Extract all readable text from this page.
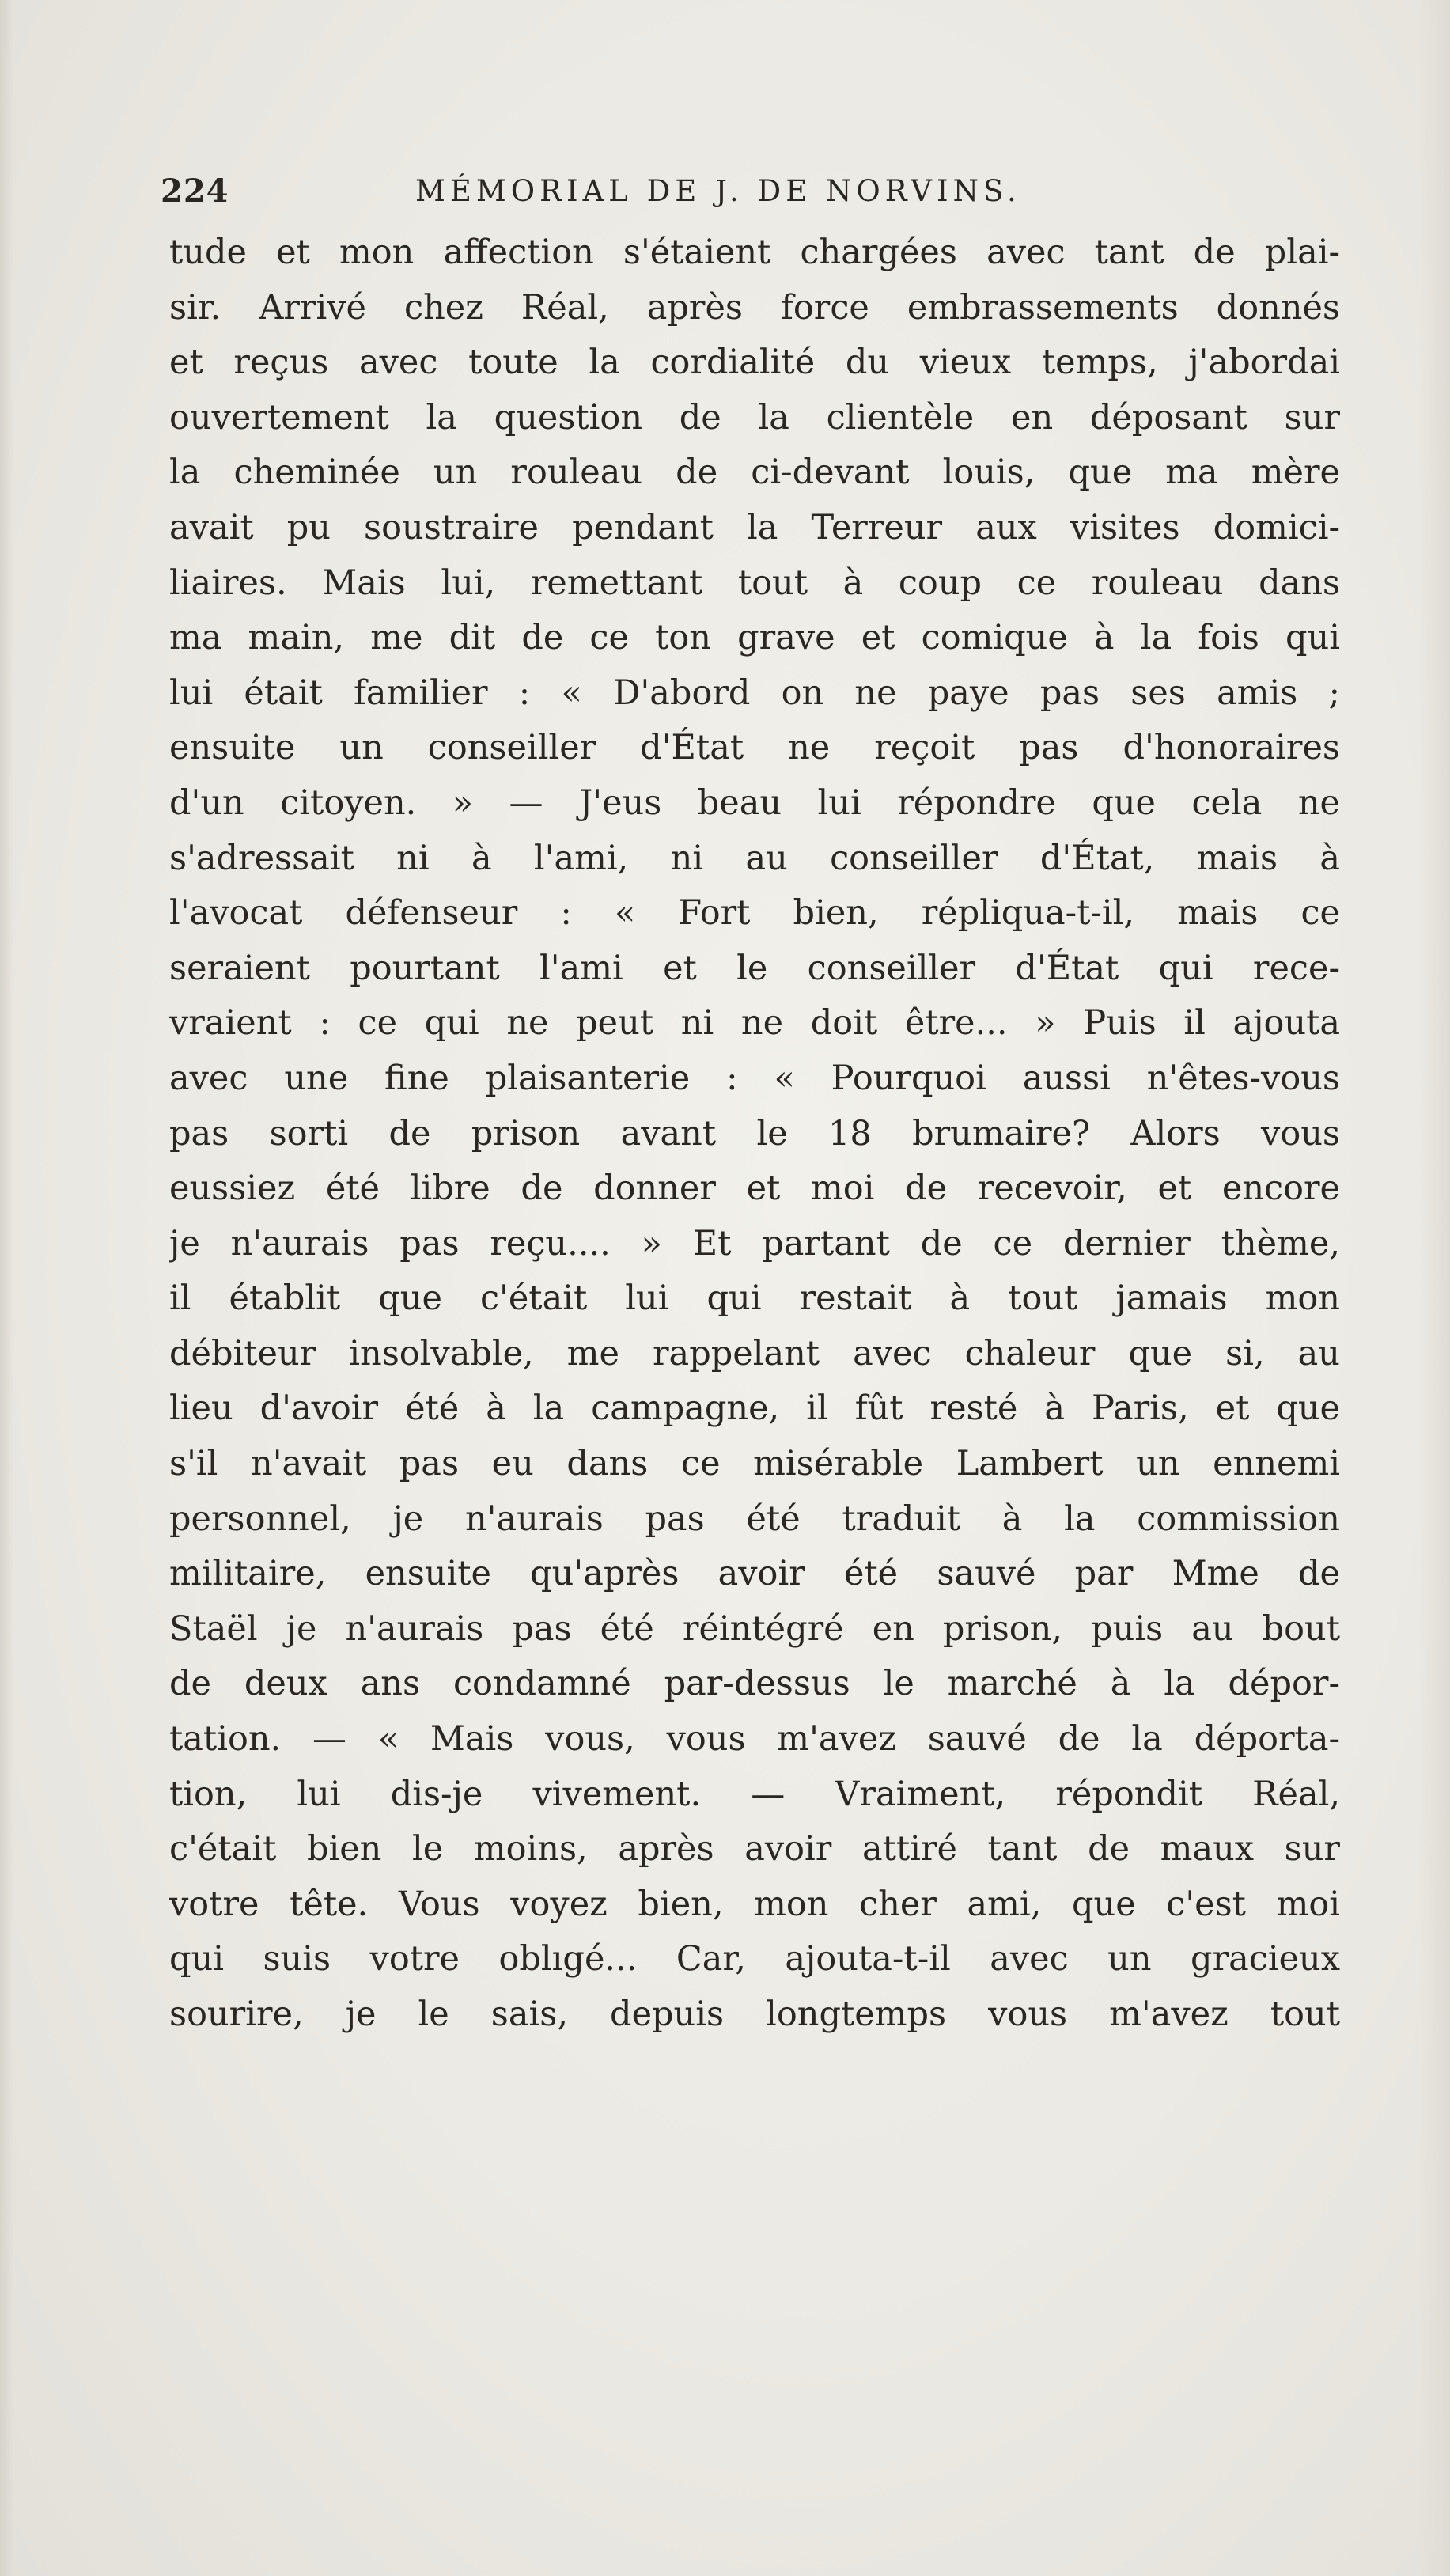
224	MÉMORIAL DE J. DE NORVINS.
tude et mon affection s'étaient chargées avec tant de plai-
sir. Arrivé chez Réal, après force embrassements donnés
et reçus avec toute la cordialité du vieux temps, j'abordai
ouvertement la question de la clientèle en déposant sur
la cheminée un rouleau de ci-devant louis, que ma mère
avait pu soustraire pendant la Terreur aux visites domici-
liaires. Mais lui, remettant tout à coup ce rouleau dans
ma main, me dit de ce ton grave et comique à la fois qui
lui était familier : « D'abord on ne paye pas ses amis ;
ensuite un conseiller d'État ne reçoit pas d'honoraires
d'un citoyen. » — J'eus beau lui répondre que cela ne
s'adressait ni à l'ami, ni au conseiller d'État, mais à
l'avocat défenseur : « Fort bien, répliqua-t-il, mais ce
seraient pourtant l'ami et le conseiller d'État qui rece-
vraient : ce qui ne peut ni ne doit être... » Puis il ajouta
avec une fine plaisanterie : « Pourquoi aussi n'êtes-vous
pas sorti de prison avant le 18 brumaire? Alors vous
eussiez été libre de donner et moi de recevoir, et encore
je n'aurais pas reçu.... » Et partant de ce dernier thème,
il établit que c'était lui qui restait à tout jamais mon
débiteur insolvable, me rappelant avec chaleur que si, au
lieu d'avoir été à la campagne, il fût resté à Paris, et que
s'il n'avait pas eu dans ce misérable Lambert un ennemi
personnel, je n'aurais pas été traduit à la commission
militaire, ensuite qu'après avoir été sauvé par Mme de
Staël je n'aurais pas été réintégré en prison, puis au bout
de deux ans condamné par-dessus le marché à la dépor-
tation. — « Mais vous, vous m'avez sauvé de la déporta-
tion, lui dis-je vivement. — Vraiment, répondit Réal,
c'était bien le moins, après avoir attiré tant de maux sur
votre tête. Vous voyez bien, mon cher ami, que c'est moi
qui suis votre oblıgé... Car, ajouta-t-il avec un gracieux
sourire, je le sais, depuis longtemps vous m'avez tout
